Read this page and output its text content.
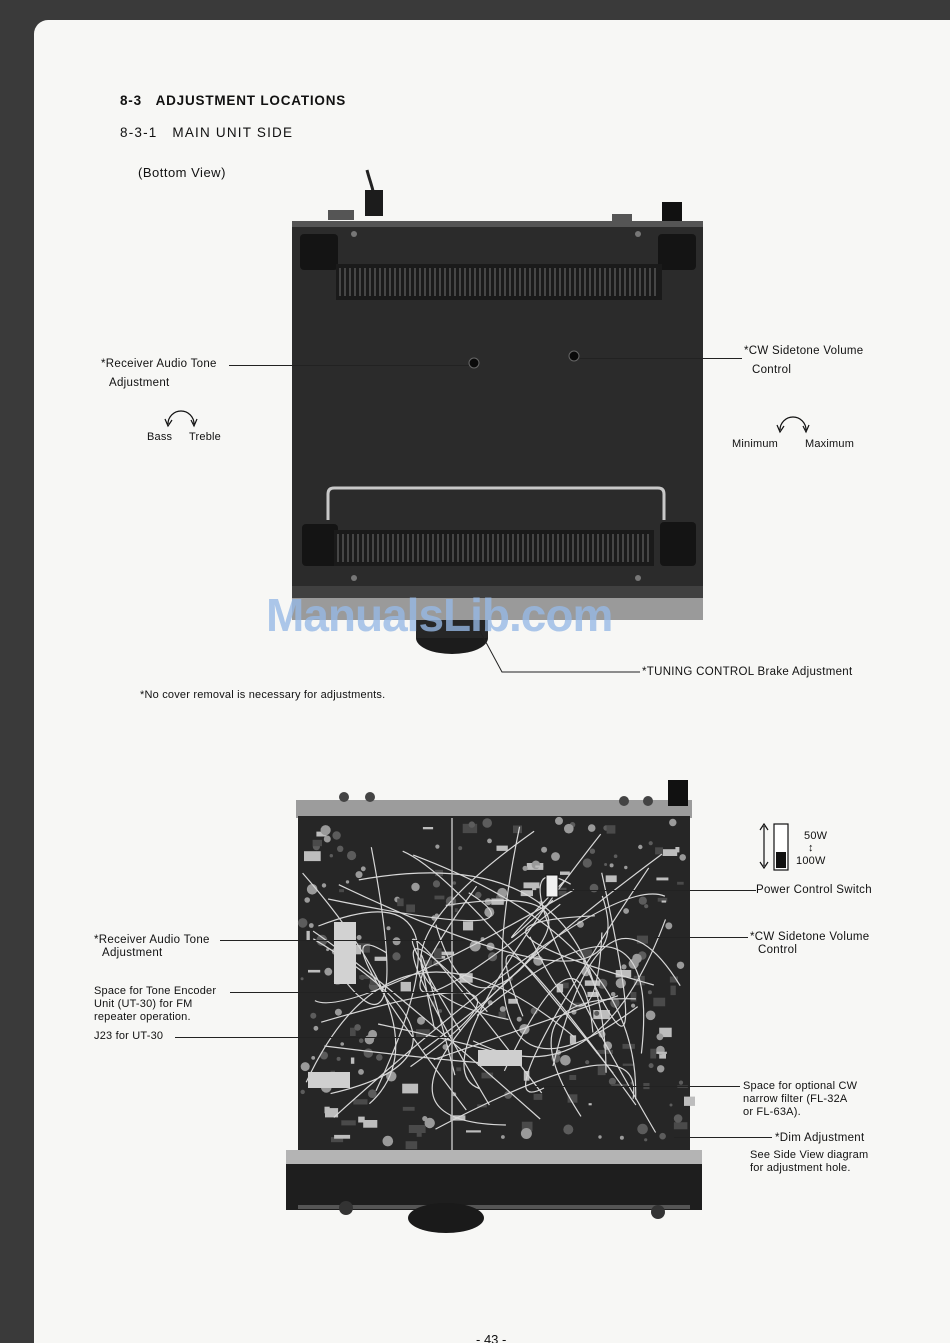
8-3 ADJUSTMENT LOCATIONS
8-3-1 MAIN UNIT SIDE
(Bottom View)
*Receiver Audio Tone
Adjustment
Bass Treble
*CW Sidetone Volume
Control
Minimum Maximum
*TUNING CONTROL Brake Adjustment
*No cover removal is necessary for adjustments.
ManualsLib.com
50W
↕
100W
Power Control Switch
*Receiver Audio Tone
Adjustment
Space for Tone Encoder
Unit (UT-30) for FM
repeater operation.
J23 for UT-30
*CW Sidetone Volume
Control
Space for optional CW
narrow filter (FL-32A
or FL-63A).
*Dim Adjustment
See Side View diagram
for adjustment hole.
- 43 -
